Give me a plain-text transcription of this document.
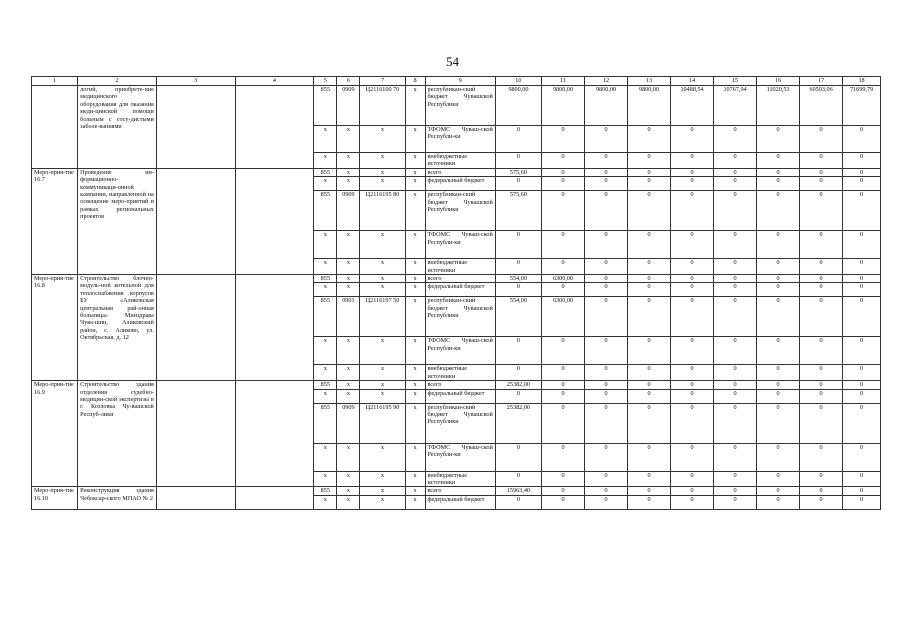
54
1	2	3	4	5	6	7	8	9	10	11	12	13	14	15	16	17	18
	логий, приобрете-ние медицинского оборудования для оказания меди-цинской помощи больным с сосу-дистыми заболе-ваниями			855	0909	Ц2116100 70	х	республикан-ский бюджет Чувашской Республики	9800,00	9800,00	9800,00	9800,00	10488,54	10767,94	11020,53	60503,06	71699,79
				х	х	х	х	ТФОМС Чуваш-ской Республи-ки	0	0	0	0	0	0	0	0	0
				х	х	х	х	внебюджетные источники	0	0	0	0	0	0	0	0	0
Меро-прия-тие 16.7	Проведение ин-формационно-коммуникаци-онной кампании, направленной на освещение меро-приятий в рамках региональных проектов			855	х	х	х	всего	575,60	0	0	0	0	0	0	0	0
				х	х	х	х	федеральный бюджет	0	0	0	0	0	0	0	0	0
				855	0909	Ц2116195 80	х	республикан-ский бюджет Чувашской Республики	575,60	0	0	0	0	0	0	0	0
				х	х	х	х	ТФОМС Чуваш-ской Республи-ки	0	0	0	0	0	0	0	0	0
				х	х	х	х	внебюджетные источники	0	0	0	0	0	0	0	0	0
Меро-прия-тие 16.8	Строительство блочно-модуль-ной котельной для теплоснабжения корпусов БУ «Аликовская центральная рай-онная больница» Минздрава Чува-шии, Аликовский район, с. Аликово, ул. Октябрьская, д. 12			855	х	х	х	всего	554,00	6300,00	0	0	0	0	0	0	0
				х	х	х	х	федеральный бюджет	0	0	0	0	0	0	0	0	0
				855	0901	Ц2116197 50	х	республикан-ский бюджет Чувашской Республики	554,00	6300,00	0	0	0	0	0	0	0
				х	х	х	х	ТФОМС Чуваш-ской Республи-ки	0	0	0	0	0	0	0	0	0
				х	х	х	х	внебюджетные источники	0	0	0	0	0	0	0	0	0
Меро-прия-тие 16.9	Строительство здания отделения судебно-медицин-ской экспертизы в г. Козловка Чу-вашской Респуб-лики			855	х	х	х	всего	25382,00	0	0	0	0	0	0	0	0
				х	х	х	х	федеральный бюджет	0	0	0	0	0	0	0	0	0
				855	0909	Ц2116195 90	х	республикан-ский бюджет Чувашской Республики	25382,00	0	0	0	0	0	0	0	0
				х	х	х	х	ТФОМС Чуваш-ской Республи-ки	0	0	0	0	0	0	0	0	0
				х	х	х	х	внебюджетные источники	0	0	0	0	0	0	0	0	0
Меро-прия-тие 16.10	Реконструкция здания Чебоксар-ского МПАО № 2			855	х	х	х	всего	15963,40	0	0	0	0	0	0	0	0
				х	х	х	х	федеральный бюджет	0	0	0	0	0	0	0	0	0
